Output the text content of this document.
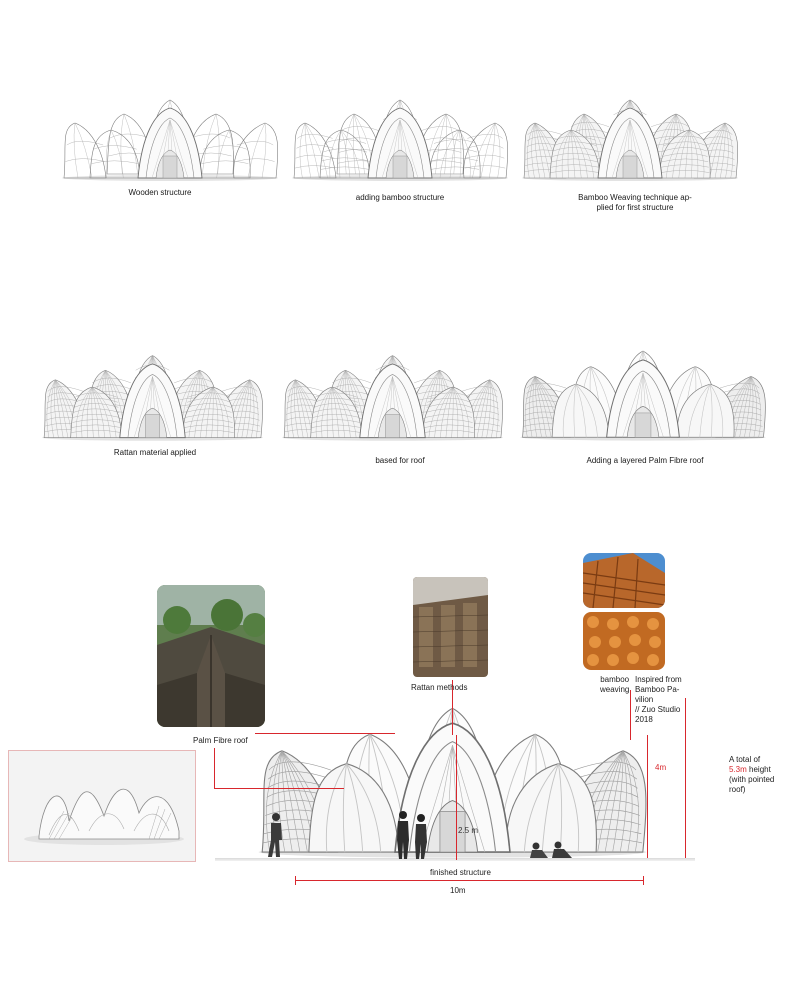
Wooden structure
adding bamboo structure	Bamboo Weaving technique ap-
plied for first structure
Rattan material applied
based for roof	Adding a layered Palm Fibre roof
Palm Fibre roof
Rattan methods
bamboo
weaving
Inspired from
Bamboo Pa-
vilion
// Zuo Studio
2018
finished structure
10m
2.5 m
4m
A total of
5.3m height
(with pointed
roof)
